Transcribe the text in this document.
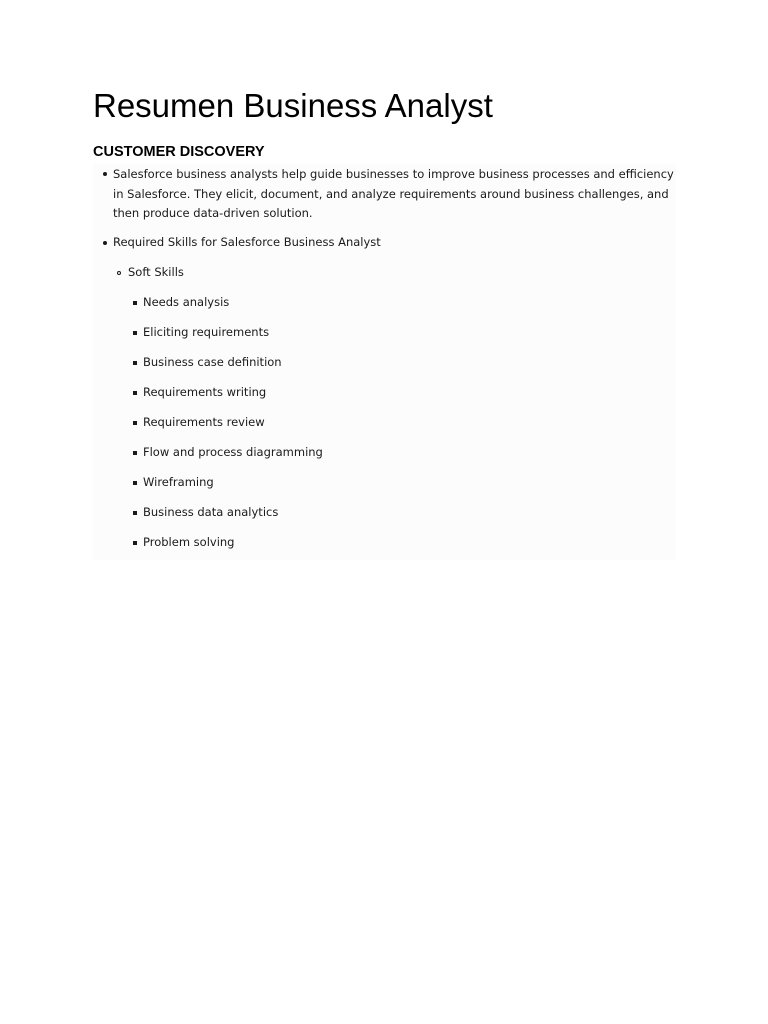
Resumen Business Analyst
CUSTOMER DISCOVERY

Salesforce business analysts help guide businesses to improve business processes and efficiency in Salesforce. They elicit, document, and analyze requirements around business challenges, and then produce data-driven solution.

Required Skills for Salesforce Business Analyst
Soft Skills
Needs analysis
Eliciting requirements
Business case definition
Requirements writing
Requirements review
Flow and process diagramming
Wireframing
Business data analytics
Problem solving
